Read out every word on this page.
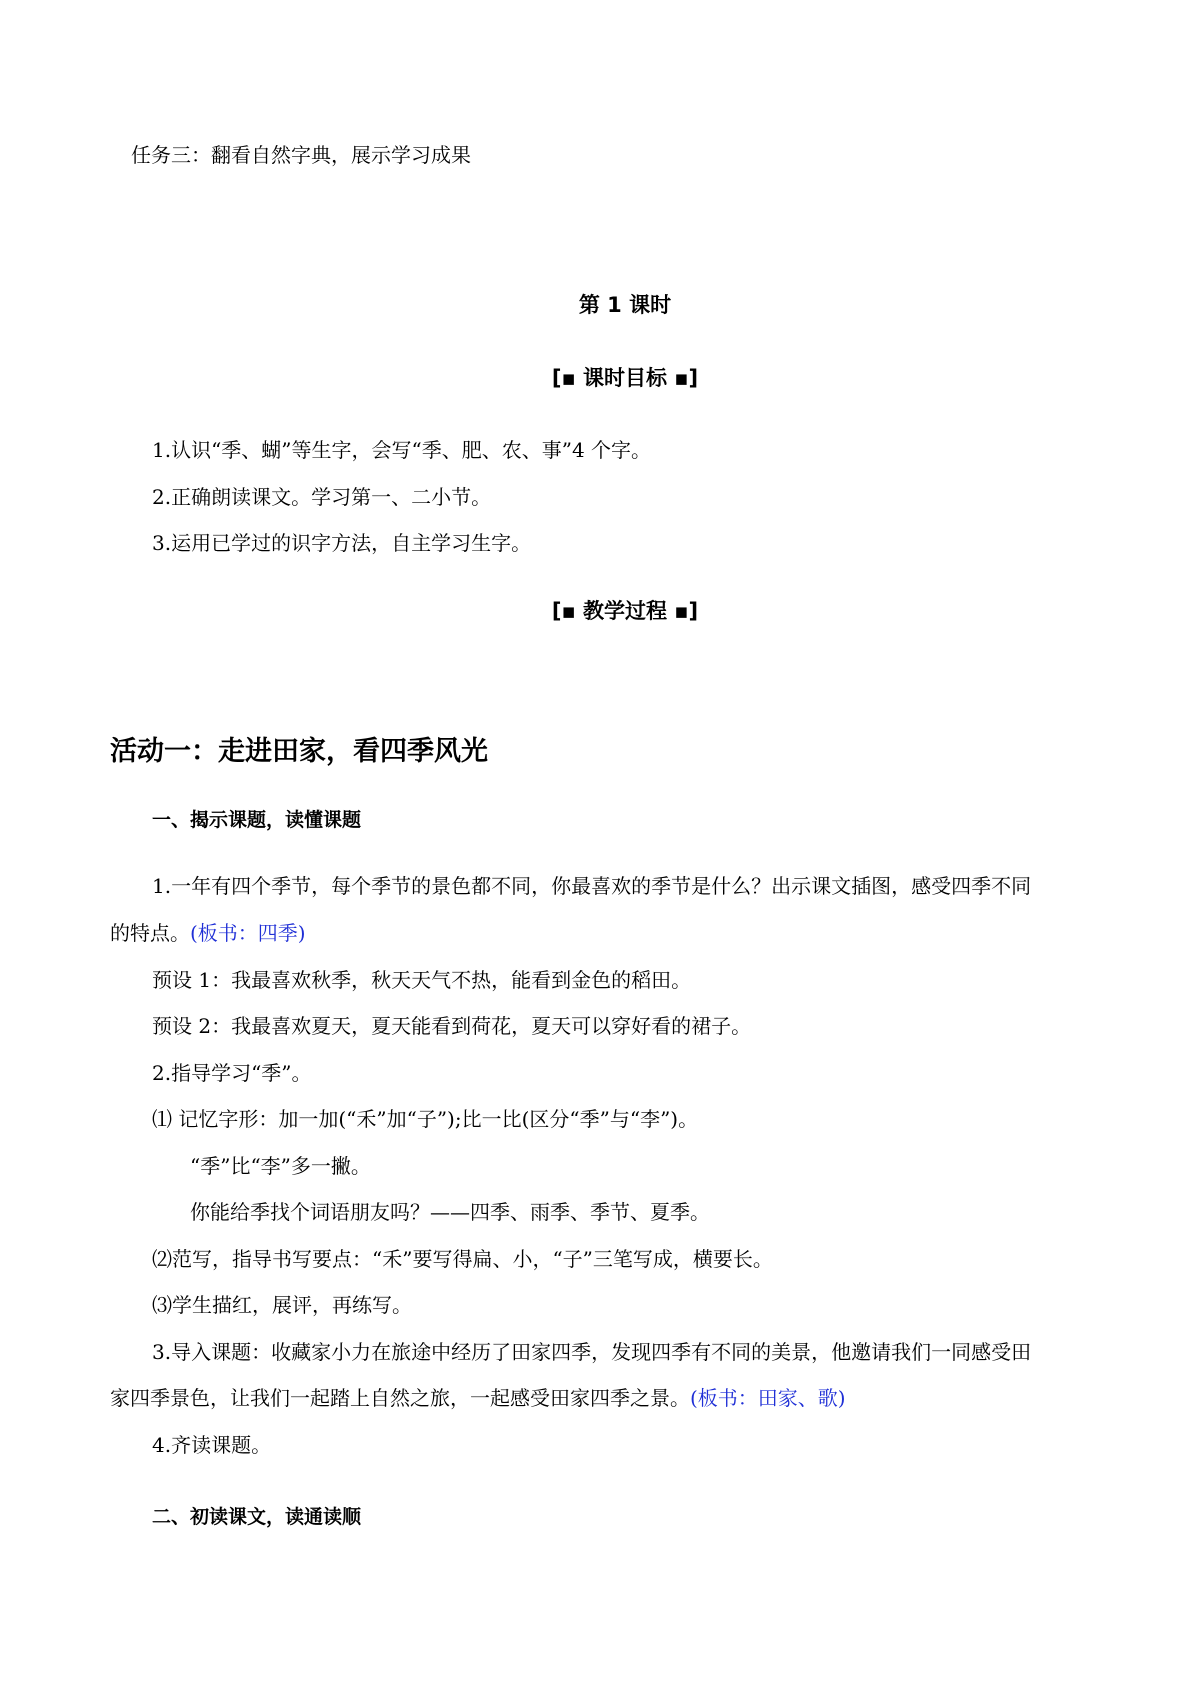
任务三：翻看自然字典，展示学习成果
第 1 课时
[▪ 课时目标 ▪]
1.认识“季、蝴”等生字，会写“季、肥、农、事”4 个字。
2.正确朗读课文。学习第一、二小节。
3.运用已学过的识字方法，自主学习生字。
[▪ 教学过程 ▪]
活动一：走进田家，看四季风光
一、揭示课题，读懂课题
1.一年有四个季节，每个季节的景色都不同，你最喜欢的季节是什么？出示课文插图，感受四季不同
的特点。(板书：四季)
预设 1：我最喜欢秋季，秋天天气不热，能看到金色的稻田。
预设 2：我最喜欢夏天，夏天能看到荷花，夏天可以穿好看的裙子。
2.指导学习“季”。
⑴ 记忆字形：加一加(“禾”加“子”);比一比(区分“季”与“李”)。
“季”比“李”多一撇。
你能给季找个词语朋友吗？——四季、雨季、季节、夏季。
⑵范写，指导书写要点：“禾”要写得扁、小，“子”三笔写成，横要长。
⑶学生描红，展评，再练写。
3.导入课题：收藏家小力在旅途中经历了田家四季，发现四季有不同的美景，他邀请我们一同感受田
家四季景色，让我们一起踏上自然之旅，一起感受田家四季之景。(板书：田家、歌)
4.齐读课题。
二、初读课文，读通读顺
